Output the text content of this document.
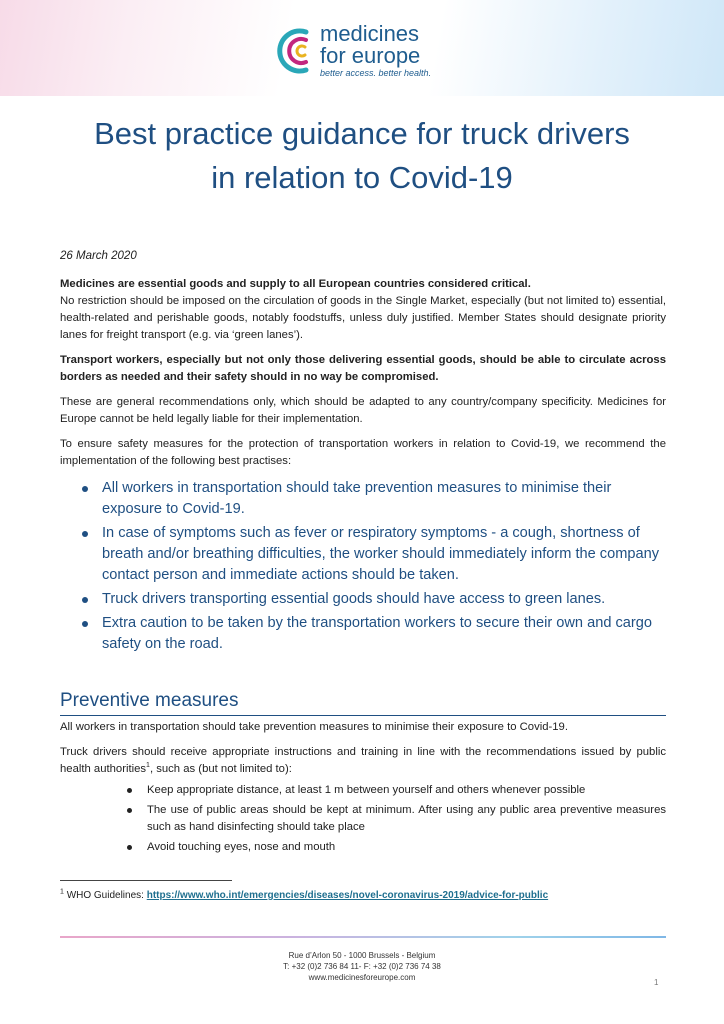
medicines
for europe
better access. better health.
Best practice guidance for truck drivers
in relation to Covid-19
26 March 2020

Medicines are essential goods and supply to all European countries considered critical.

No restriction should be imposed on the circulation of goods in the Single Market, especially (but not limited to) essential, health-related and perishable goods, notably foodstuffs, unless duly justified. Member States should designate priority lanes for freight transport (e.g. via ‘green lanes’).

Transport workers, especially but not only those delivering essential goods, should be able to circulate across borders as needed and their safety should in no way be compromised.

These are general recommendations only, which should be adapted to any country/company specificity. Medicines for Europe cannot be held legally liable for their implementation.

To ensure safety measures for the protection of transportation workers in relation to Covid-19, we recommend the implementation of the following best practises:

All workers in transportation should take prevention measures to minimise their exposure to Covid-19.
In case of symptoms such as fever or respiratory symptoms - a cough, shortness of breath and/or breathing difficulties, the worker should immediately inform the company contact person and immediate actions should be taken.
Truck drivers transporting essential goods should have access to green lanes.
Extra caution to be taken by the transportation workers to secure their own and cargo safety on the road.
Preventive measures

All workers in transportation should take prevention measures to minimise their exposure to Covid-19.

Truck drivers should receive appropriate instructions and training in line with the recommendations issued by public health authorities$^1$, such as (but not limited to):

Keep appropriate distance, at least 1 m between yourself and others whenever possible
The use of public areas should be kept at minimum. After using any public area preventive measures such as hand disinfecting should take place
Avoid touching eyes, nose and mouth
$^1$ WHO Guidelines: https://www.who.int/emergencies/diseases/novel-coronavirus-2019/advice-for-public
Rue d’Arlon 50 - 1000 Brussels - Belgium
T: +32 (0)2 736 84 11- F: +32 (0)2 736 74 38
www.medicinesforeurope.com
1
